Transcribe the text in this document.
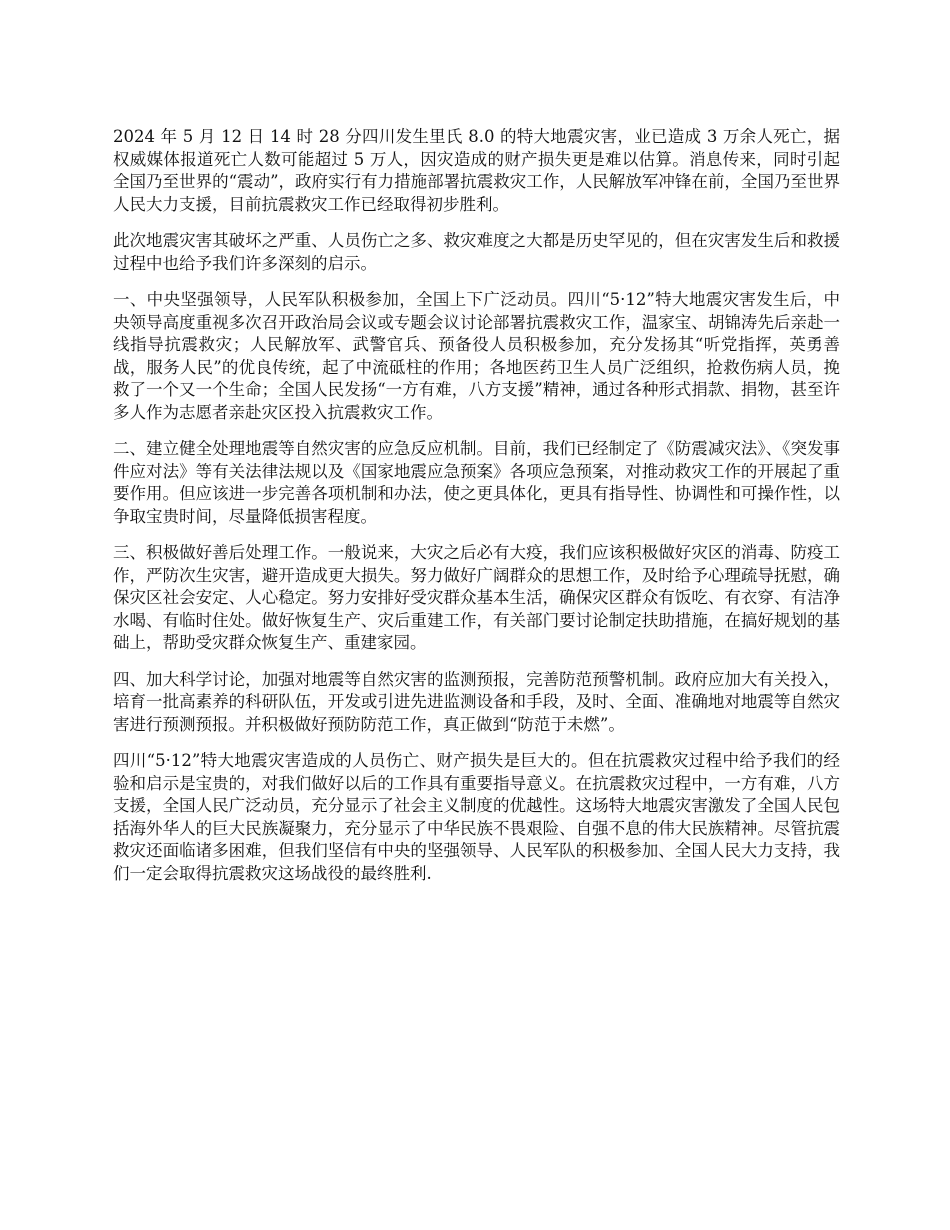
2024 年 5 月 12 日 14 时 28 分四川发生里氏 8.0 的特大地震灾害，业已造成 3 万余人死亡，据权威媒体报道死亡人数可能超过 5 万人，因灾造成的财产损失更是难以估算。消息传来，同时引起全国乃至世界的“震动”，政府实行有力措施部署抗震救灾工作，人民解放军冲锋在前，全国乃至世界人民大力支援，目前抗震救灾工作已经取得初步胜利。

此次地震灾害其破坏之严重、人员伤亡之多、救灾难度之大都是历史罕见的，但在灾害发生后和救援过程中也给予我们许多深刻的启示。

一、中央坚强领导，人民军队积极参加，全国上下广泛动员。四川“5·12”特大地震灾害发生后，中央领导高度重视多次召开政治局会议或专题会议讨论部署抗震救灾工作，温家宝、胡锦涛先后亲赴一线指导抗震救灾；人民解放军、武警官兵、预备役人员积极参加，充分发扬其“听党指挥，英勇善战，服务人民”的优良传统，起了中流砥柱的作用；各地医药卫生人员广泛组织，抢救伤病人员，挽救了一个又一个生命；全国人民发扬“一方有难，八方支援”精神，通过各种形式捐款、捐物，甚至许多人作为志愿者亲赴灾区投入抗震救灾工作。

二、建立健全处理地震等自然灾害的应急反应机制。目前，我们已经制定了《防震减灾法》、《突发事件应对法》等有关法律法规以及《国家地震应急预案》各项应急预案，对推动救灾工作的开展起了重要作用。但应该进一步完善各项机制和办法，使之更具体化，更具有指导性、协调性和可操作性，以争取宝贵时间，尽量降低损害程度。

三、积极做好善后处理工作。一般说来，大灾之后必有大疫，我们应该积极做好灾区的消毒、防疫工作，严防次生灾害，避开造成更大损失。努力做好广阔群众的思想工作，及时给予心理疏导抚慰，确保灾区社会安定、人心稳定。努力安排好受灾群众基本生活，确保灾区群众有饭吃、有衣穿、有洁净水喝、有临时住处。做好恢复生产、灾后重建工作，有关部门要讨论制定扶助措施，在搞好规划的基础上，帮助受灾群众恢复生产、重建家园。

四、加大科学讨论，加强对地震等自然灾害的监测预报，完善防范预警机制。政府应加大有关投入，培育一批高素养的科研队伍，开发或引进先进监测设备和手段，及时、全面、准确地对地震等自然灾害进行预测预报。并积极做好预防防范工作，真正做到“防范于未燃”。

四川“5·12”特大地震灾害造成的人员伤亡、财产损失是巨大的。但在抗震救灾过程中给予我们的经验和启示是宝贵的，对我们做好以后的工作具有重要指导意义。在抗震救灾过程中，一方有难，八方支援，全国人民广泛动员，充分显示了社会主义制度的优越性。这场特大地震灾害激发了全国人民包括海外华人的巨大民族凝聚力，充分显示了中华民族不畏艰险、自强不息的伟大民族精神。尽管抗震救灾还面临诸多困难，但我们坚信有中央的坚强领导、人民军队的积极参加、全国人民大力支持，我们一定会取得抗震救灾这场战役的最终胜利.
